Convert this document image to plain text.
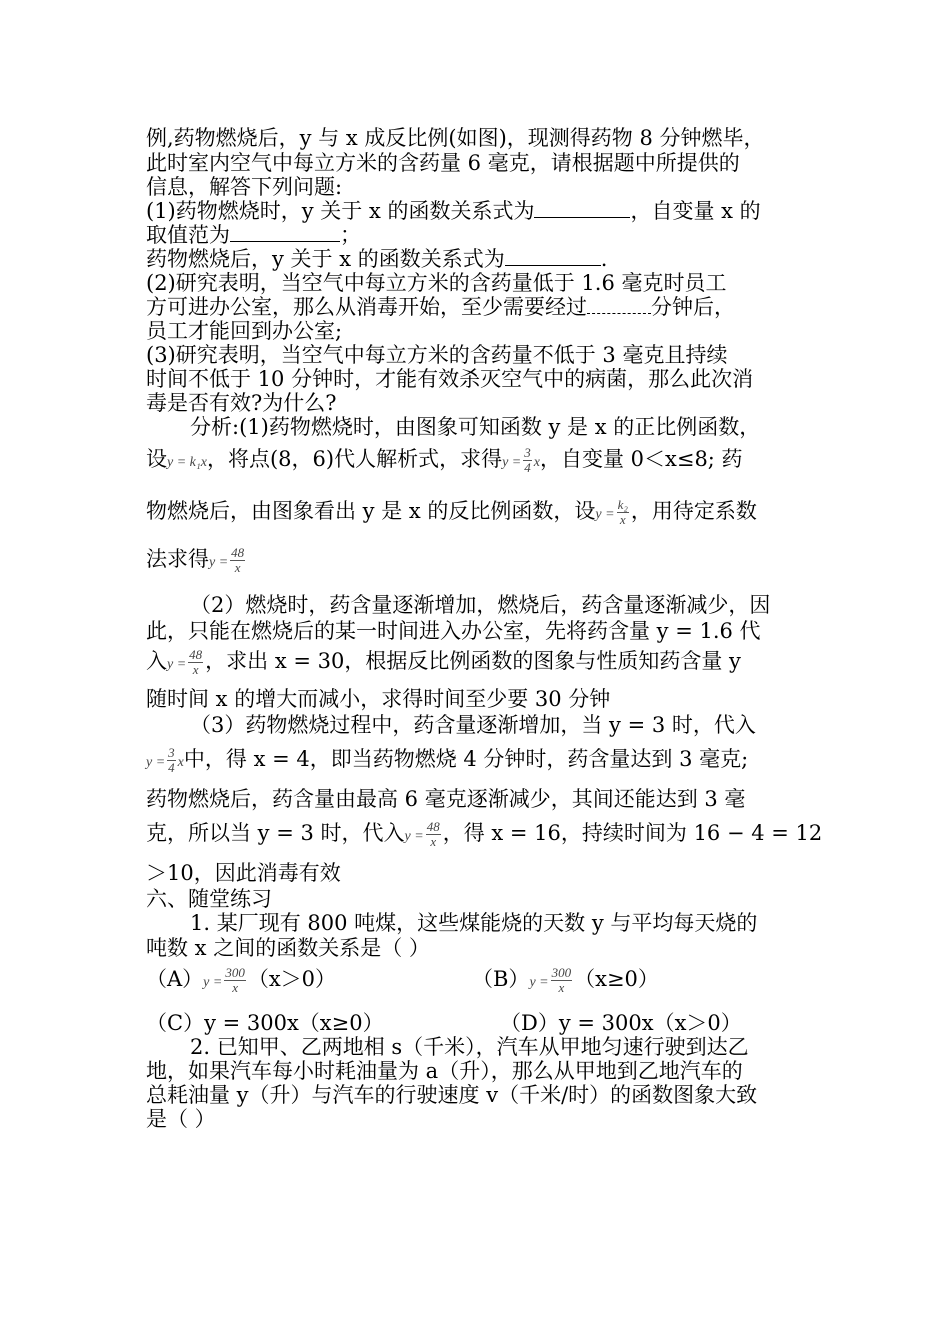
例,药物燃烧后，y 与 x 成反比例(如图)，现测得药物 8 分钟燃毕，
此时室内空气中每立方米的含药量 6 毫克，请根据题中所提供的
信息，解答下列问题:
(1)药物燃烧时，y 关于 x 的函数关系式为	，自变量 x 的
取值范为	；
药物燃烧后，y 关于 x 的函数关系式为	.
(2)研究表明，当空气中每立方米的含药量低于 1.6 毫克时员工
方可进办公室，那么从消毒开始，至少需要经过	分钟后，
员工才能回到办公室;
(3)研究表明，当空气中每立方米的含药量不低于 3 毫克且持续
时间不低于 10 分钟时，才能有效杀灭空气中的病菌，那么此次消
毒是否有效?为什么?
分析:(1)药物燃烧时，由图象可知函数 y 是 x 的正比例函数，
设y = k₁x，将点(8，6)代人解析式，求得$y = \frac{3}{4}$ x，自变量 0＜x≤8; 药
物燃烧后，由图象看出 y 是 x 的反比例函数，设$y = \frac{\text{k₂}}{x}$ ，用待定系数
法求得$y = \frac{48}{x}$
（2）燃烧时，药含量逐渐增加，燃烧后，药含量逐渐减少，因
此，只能在燃烧后的某一时间进入办公室，先将药含量 y = 1.6 代
入$y = \frac{48}{x}$ ，求出 x = 30，根据反比例函数的图象与性质知药含量 y
随时间 x 的增大而减小，求得时间至少要 30 分钟
（3）药物燃烧过程中，药含量逐渐增加，当 y = 3 时，代入
$y = \frac{3}{4}$ x中，得 x = 4，即当药物燃烧 4 分钟时，药含量达到 3 毫克;
药物燃烧后，药含量由最高 6 毫克逐渐减少，其间还能达到 3 毫
克，所以当 y = 3 时，代入$y = \frac{48}{x}$ ，得 x = 16，持续时间为 16 − 4 = 12
＞10，因此消毒有效
六、随堂练习
1. 某厂现有 800 吨煤，这些煤能烧的天数 y 与平均每天烧的
吨数 x 之间的函数关系是（ ）
$(A)y = \frac{300}{x} (x>0)$	$(B)y = \frac{300}{x} (x\ge 0)$
（C）y = 300x（x≥0）	（D）y = 300x（x＞0）
2. 已知甲、乙两地相 s（千米），汽车从甲地匀速行驶到达乙
地，如果汽车每小时耗油量为 a（升），那么从甲地到乙地汽车的
总耗油量 y（升）与汽车的行驶速度 v（千米/时）的函数图象大致
是（ ）
